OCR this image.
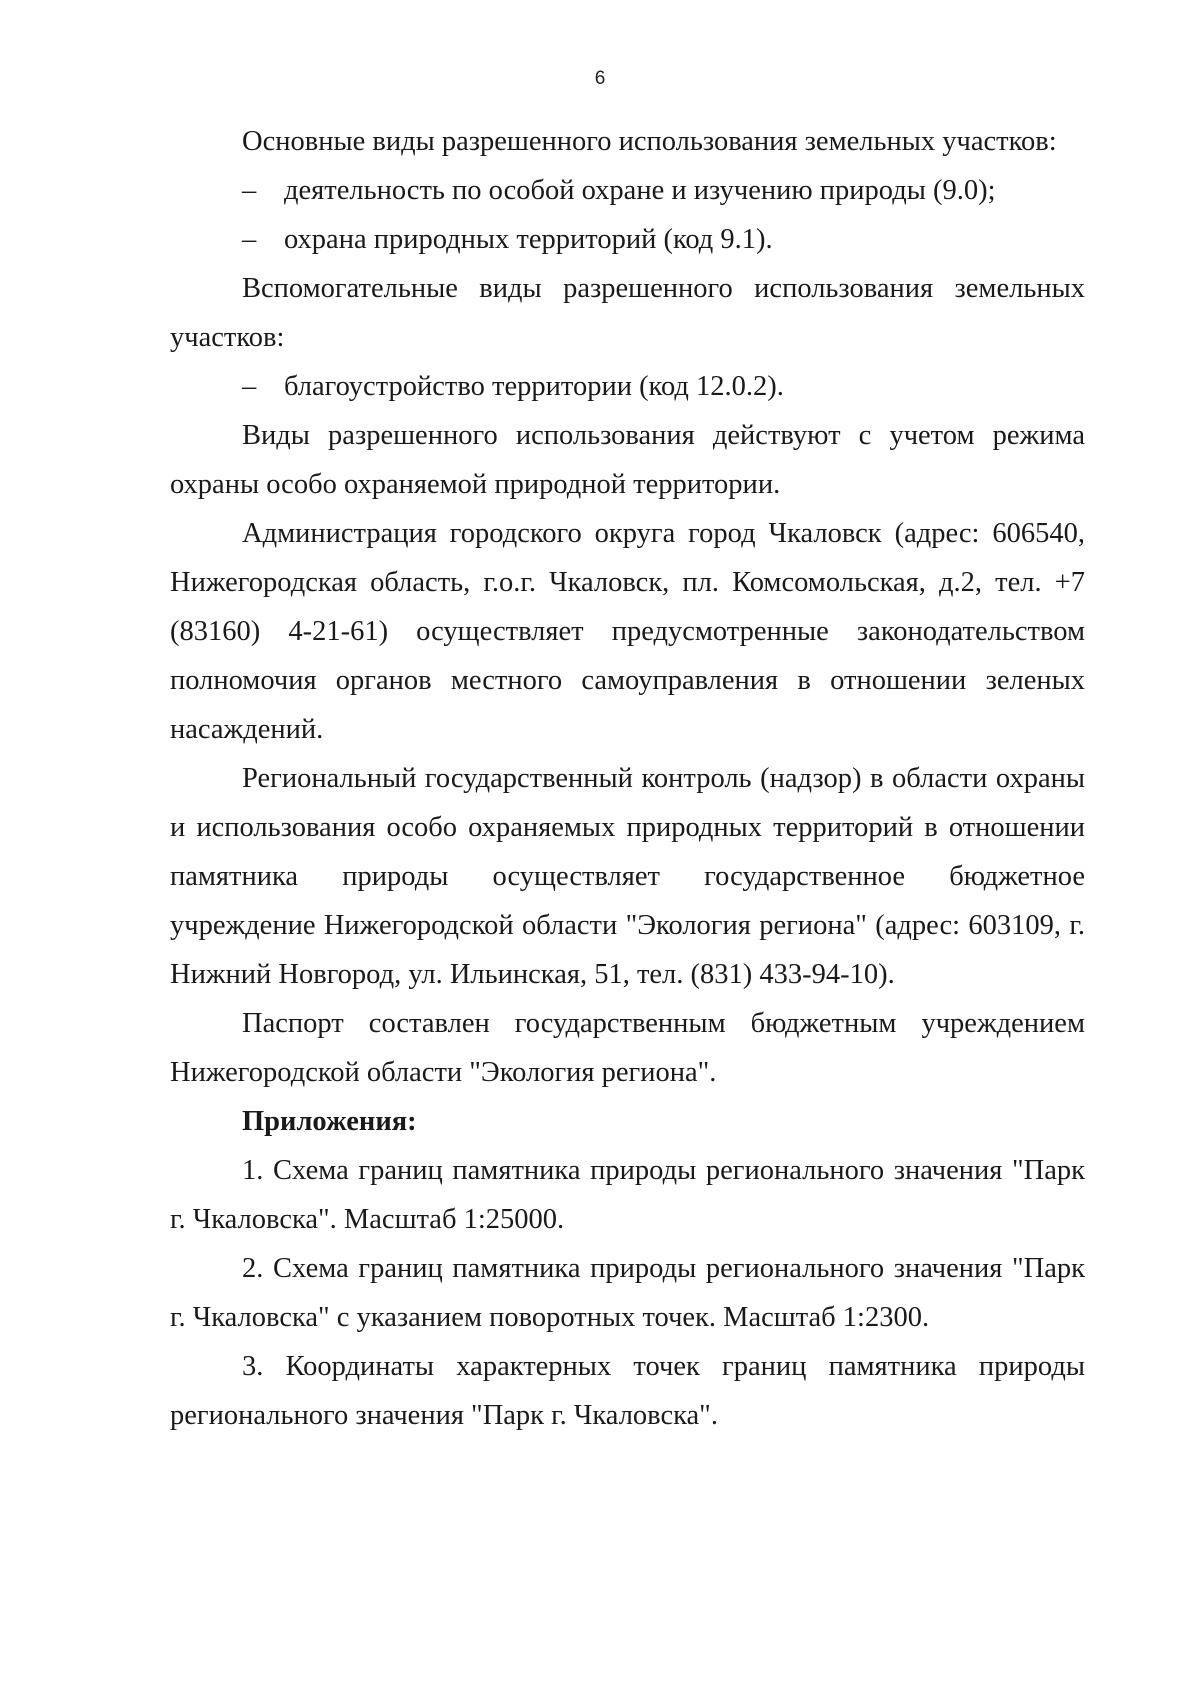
6

Основные виды разрешенного использования земельных участков:

– деятельность по особой охране и изучению природы (9.0);

– охрана природных территорий (код 9.1).

Вспомогательные виды разрешенного использования земельных участков:

– благоустройство территории (код 12.0.2).

Виды разрешенного использования действуют с учетом режима охраны особо охраняемой природной территории.

Администрация городского округа город Чкаловск (адрес: 606540, Нижегородская область, г.о.г. Чкаловск, пл. Комсомольская, д.2, тел. +7 (83160) 4-21-61) осуществляет предусмотренные законодательством полномочия органов местного самоуправления в отношении зеленых насаждений.

Региональный государственный контроль (надзор) в области охраны и использования особо охраняемых природных территорий в отношении памятника природы осуществляет государственное бюджетное учреждение Нижегородской области "Экология региона" (адрес: 603109, г. Нижний Новгород, ул. Ильинская, 51, тел. (831) 433-94-10).

Паспорт составлен государственным бюджетным учреждением Нижегородской области "Экология региона".

Приложения:

1. Схема границ памятника природы регионального значения "Парк г. Чкаловска". Масштаб 1:25000.

2. Схема границ памятника природы регионального значения "Парк г. Чкаловска" с указанием поворотных точек. Масштаб 1:2300.

3. Координаты характерных точек границ памятника природы регионального значения "Парк г. Чкаловска".
